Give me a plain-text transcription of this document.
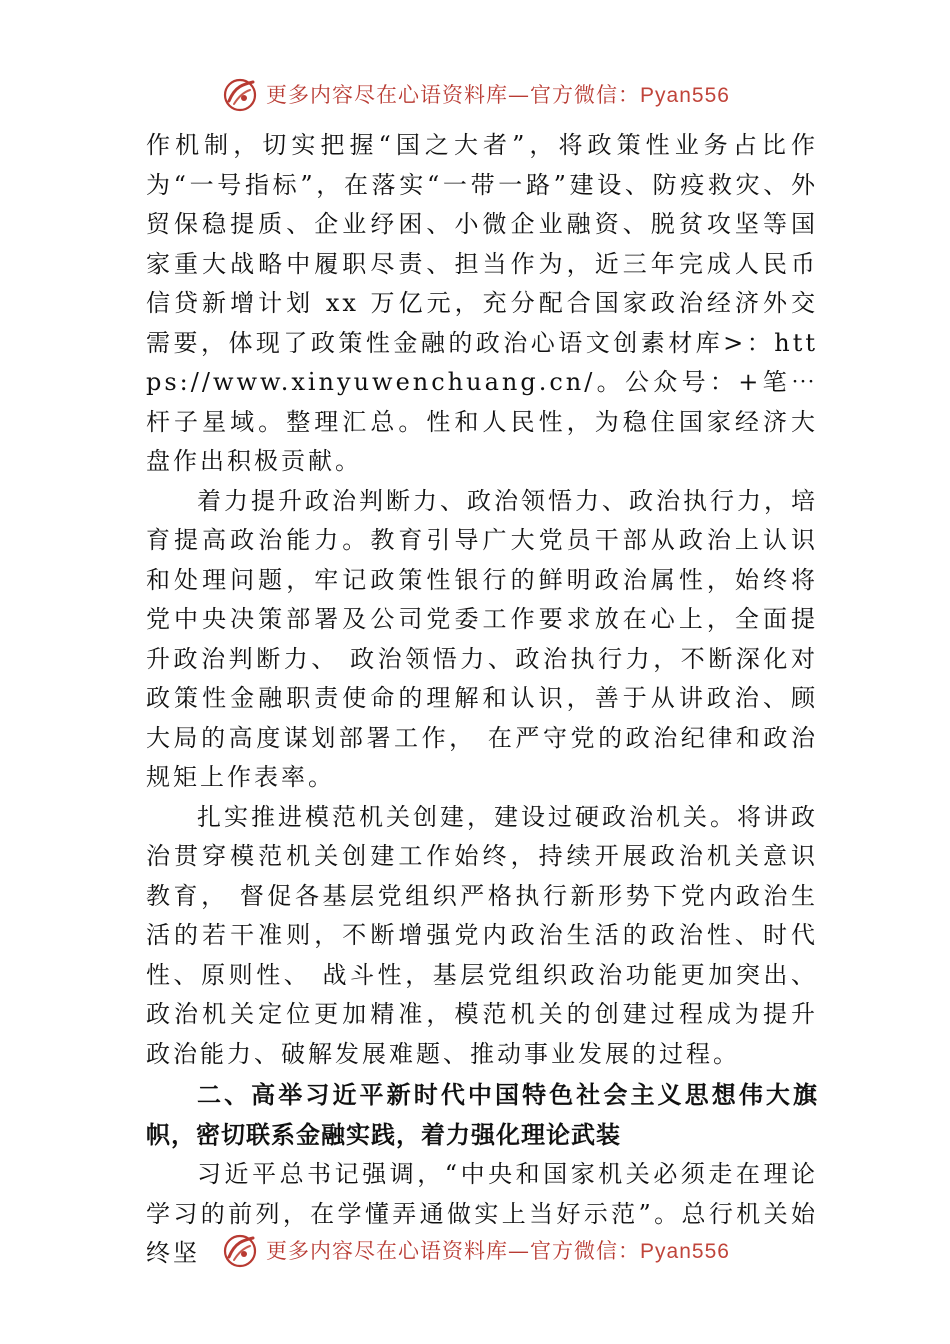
更多内容尽在心语资料库—官方微信：Pyan556

作机制，切实把握“国之大者”，将政策性业务占比作为“一号指标”，在落实“一带一路”建设、防疫救灾、外贸保稳提质、企业纾困、小微企业融资、脱贫攻坚等国家重大战略中履职尽责、担当作为，近三年完成人民币信贷新增计划 xx 万亿元，充分配合国家政治经济外交需要，体现了政策性金融的政治心语文创素材库>：https://www.xinyuwenchuang.cn/。公众号：+笔⋯杆子星域。整理汇总。性和人民性，为稳住国家经济大盘作出积极贡献。

着力提升政治判断力、政治领悟力、政治执行力，培育提高政治能力。教育引导广大党员干部从政治上认识和处理问题，牢记政策性银行的鲜明政治属性，始终将党中央决策部署及公司党委工作要求放在心上，全面提升政治判断力、 政治领悟力、政治执行力，不断深化对政策性金融职责使命的理解和认识，善于从讲政治、顾大局的高度谋划部署工作， 在严守党的政治纪律和政治规矩上作表率。

扎实推进模范机关创建，建设过硬政治机关。将讲政治贯穿模范机关创建工作始终，持续开展政治机关意识教育， 督促各基层党组织严格执行新形势下党内政治生活的若干准则，不断增强党内政治生活的政治性、时代性、原则性、 战斗性，基层党组织政治功能更加突出、政治机关定位更加精准，模范机关的创建过程成为提升政治能力、破解发展难题、推动事业发展的过程。

二、高举习近平新时代中国特色社会主义思想伟大旗帜，密切联系金融实践，着力强化理论武装

习近平总书记强调，“中央和国家机关必须走在理论学习的前列，在学懂弄通做实上当好示范”。总行机关始终坚	更多内容尽在心语资料库—官方微信：Pyan556
